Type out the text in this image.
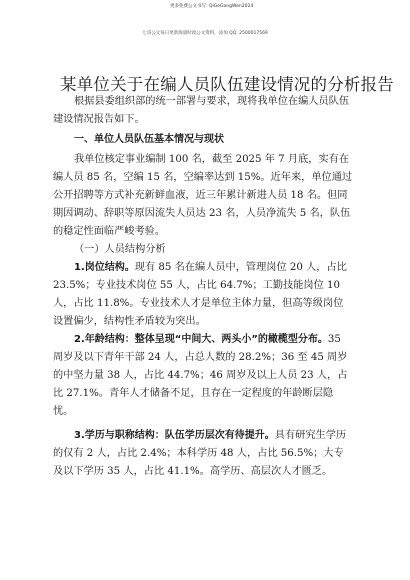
更多免费公文书写: QiGeGongWen2024
七哥公文每日更新海量时政公文资料，添加 QQ: 2500017569
某单位关于在编人员队伍建设情况的分析报告

根据县委组织部的统一部署与要求，现将我单位在编人员队伍建设情况报告如下。

一、单位人员队伍基本情况与现状

我单位核定事业编制 100 名，截至 2025 年 7 月底，实有在编人员 85 名，空编 15 名，空编率达到 15%。近年来，单位通过公开招聘等方式补充新鲜血液，近三年累计新进人员 18 名。但同期因调动、辞职等原因流失人员达 23 名，人员净流失 5 名，队伍的稳定性面临严峻考验。

（一）人员结构分析

1.岗位结构。现有 85 名在编人员中，管理岗位 20 人，占比 23.5%；专业技术岗位 55 人，占比 64.7%；工勤技能岗位 10 人，占比 11.8%。专业技术人才是单位主体力量，但高等级岗位设置偏少，结构性矛盾较为突出。

2.年龄结构：整体呈现“中间大、两头小”的橄榄型分布。35 周岁及以下青年干部 24 人，占总人数的 28.2%；36 至 45 周岁的中坚力量 38 人，占比 44.7%；46 周岁及以上人员 23 人，占比 27.1%。青年人才储备不足，且存在一定程度的年龄断层隐忧。

3.学历与职称结构：队伍学历层次有待提升。具有研究生学历的仅有 2 人，占比 2.4%；本科学历 48 人，占比 56.5%；大专及以下学历 35 人，占比 41.1%。高学历、高层次人才匮乏。
